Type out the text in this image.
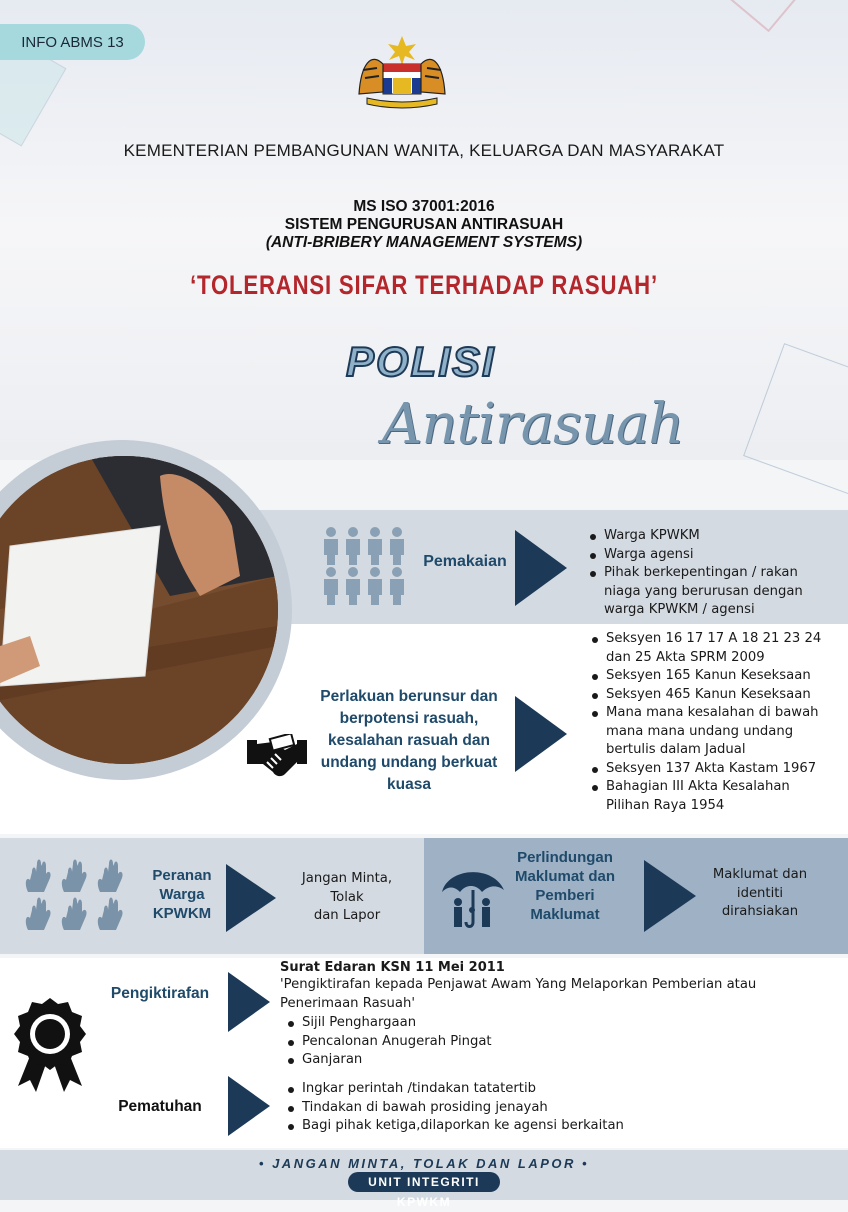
INFO ABMS 13
KEMENTERIAN PEMBANGUNAN WANITA, KELUARGA DAN MASYARAKAT
MS ISO 37001:2016
SISTEM PENGURUSAN ANTIRASUAH
(ANTI-BRIBERY MANAGEMENT SYSTEMS)
‘TOLERANSI SIFAR TERHADAP RASUAH’
POLISI
Antirasuah
Pemakaian
Warga KPWKM
Warga agensi
Pihak berkepentingan / rakan niaga yang berurusan dengan warga KPWKM / agensi
Perlakuan berunsur dan berpotensi rasuah, kesalahan rasuah dan undang undang berkuat kuasa
Seksyen 16 17 17 A 18 21 23 24 dan 25 Akta SPRM 2009
Seksyen 165 Kanun Keseksaan
Seksyen 465 Kanun Keseksaan
Mana mana kesalahan di bawah mana mana undang undang bertulis dalam Jadual
Seksyen 137 Akta Kastam 1967
Bahagian III Akta Kesalahan Pilihan Raya 1954
Peranan Warga KPWKM
Jangan Minta,
Tolak
dan Lapor
Perlindungan Maklumat dan Pemberi Maklumat
Maklumat dan
identiti
dirahsiakan
Pengiktirafan
Surat Edaran KSN 11 Mei 2011
'Pengiktirafan kepada Penjawat Awam Yang Melaporkan Pemberian atau Penerimaan Rasuah'
Sijil Penghargaan
Pencalonan Anugerah Pingat
Ganjaran
Pematuhan
Ingkar perintah /tindakan tatatertib
Tindakan di bawah prosiding jenayah
Bagi pihak ketiga,dilaporkan ke agensi berkaitan
• JANGAN MINTA, TOLAK DAN LAPOR •
UNIT INTEGRITI KPWKM
